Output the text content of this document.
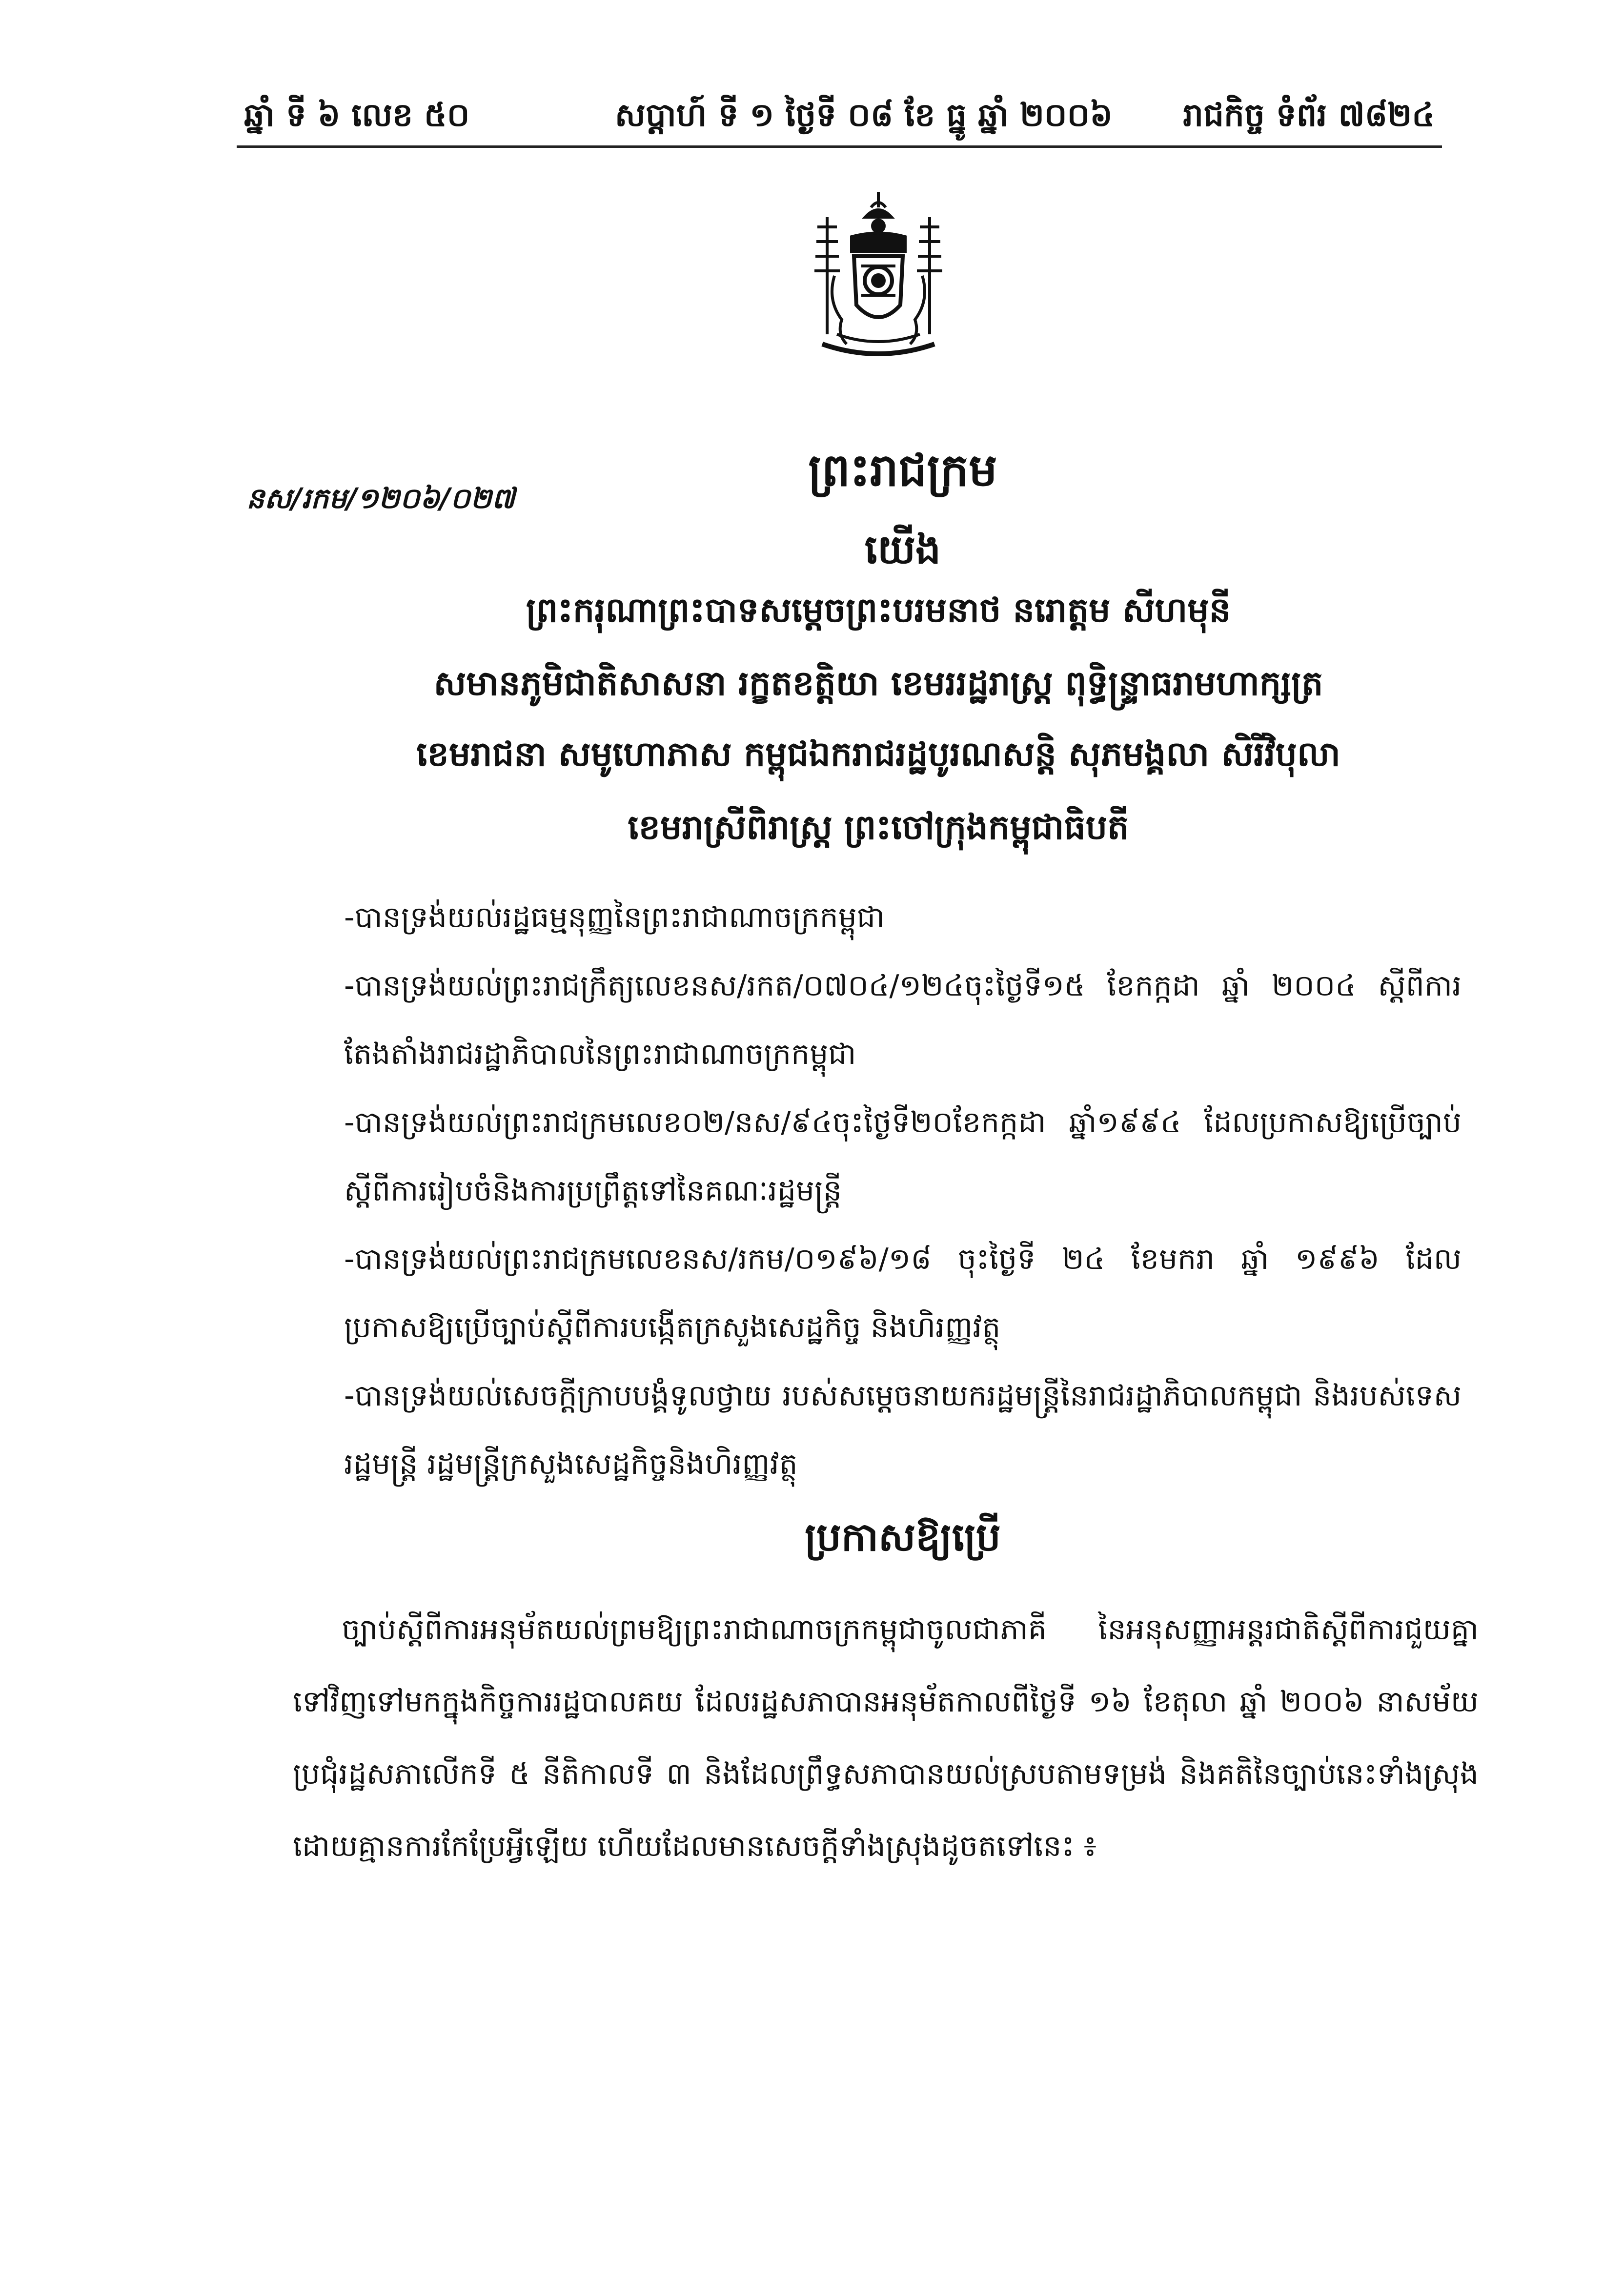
ឆ្នាំ ទី ៦ លេខ ៥០	សប្តាហ៍ ទី ១ ថ្ងៃទី ០៨ ខែ ធ្នូ ឆ្នាំ ២០០៦ រាជកិច្ច ទំព័រ ៧៨២៤
ព្រះរាជក្រម
នស/រកម/១២០៦/០២៧
យើង
ព្រះករុណាព្រះបាទសម្តេចព្រះបរមនាថ នរោត្តម សីហមុនី
សមានភូមិជាតិសាសនា រក្ខតខត្តិយា ខេមររដ្ឋរាស្ត្រ ពុទ្ធិន្ទ្រាធរាមហាក្សត្រ
ខេមរាជនា សមូហោភាស កម្ពុជឯករាជរដ្ឋបូរណសន្តិ សុភមង្គលា សិរីវិបុលា
ខេមរាស្រីពិរាស្ត្រ ព្រះចៅក្រុងកម្ពុជាធិបតី
-បានទ្រង់យល់រដ្ឋធម្មនុញ្ញនៃព្រះរាជាណាចក្រកម្ពុជា
-បានទ្រង់យល់ព្រះរាជក្រឹត្យលេខនស/រកត/០៧០៤/១២៤ចុះថ្ងៃទី១៥ ខែកក្កដា ឆ្នាំ ២០០៤ ស្តីពីការតែងតាំងរាជរដ្ឋាភិបាលនៃព្រះរាជាណាចក្រកម្ពុជា
-បានទ្រង់យល់ព្រះរាជក្រមលេខ០២/នស/៩៤ចុះថ្ងៃទី២០ខែកក្កដា ឆ្នាំ១៩៩៤ ដែលប្រកាសឱ្យប្រើច្បាប់ស្តីពីការរៀបចំនិងការប្រព្រឹត្តទៅនៃគណៈរដ្ឋមន្ត្រី
-បានទ្រង់យល់ព្រះរាជក្រមលេខនស/រកម/០១៩៦/១៨ ចុះថ្ងៃទី ២៤ ខែមករា ឆ្នាំ ១៩៩៦ ដែលប្រកាសឱ្យប្រើច្បាប់ស្តីពីការបង្កើតក្រសួងសេដ្ឋកិច្ច និងហិរញ្ញវត្ថុ
-បានទ្រង់យល់សេចក្តីក្រាបបង្គំទូលថ្វាយ របស់សម្តេចនាយករដ្ឋមន្ត្រីនៃរាជរដ្ឋាភិបាលកម្ពុជា និងរបស់ទេសរដ្ឋមន្ត្រី រដ្ឋមន្ត្រីក្រសួងសេដ្ឋកិច្ចនិងហិរញ្ញវត្ថុ
ប្រកាសឱ្យប្រើ
ច្បាប់ស្តីពីការអនុម័តយល់ព្រមឱ្យព្រះរាជាណាចក្រកម្ពុជាចូលជាភាគី នៃអនុសញ្ញាអន្តរជាតិស្តីពីការជួយគ្នាទៅវិញទៅមកក្នុងកិច្ចការរដ្ឋបាលគយ ដែលរដ្ឋសភាបានអនុម័តកាលពីថ្ងៃទី ១៦ ខែតុលា ឆ្នាំ ២០០៦ នាសម័យប្រជុំរដ្ឋសភាលើកទី ៥ នីតិកាលទី ៣ និងដែលព្រឹទ្ធសភាបានយល់ស្របតាមទម្រង់ និងគតិនៃច្បាប់នេះទាំងស្រុង ដោយគ្មានការកែប្រែអ្វីឡើយ ហើយដែលមានសេចក្តីទាំងស្រុងដូចតទៅនេះ ៖
